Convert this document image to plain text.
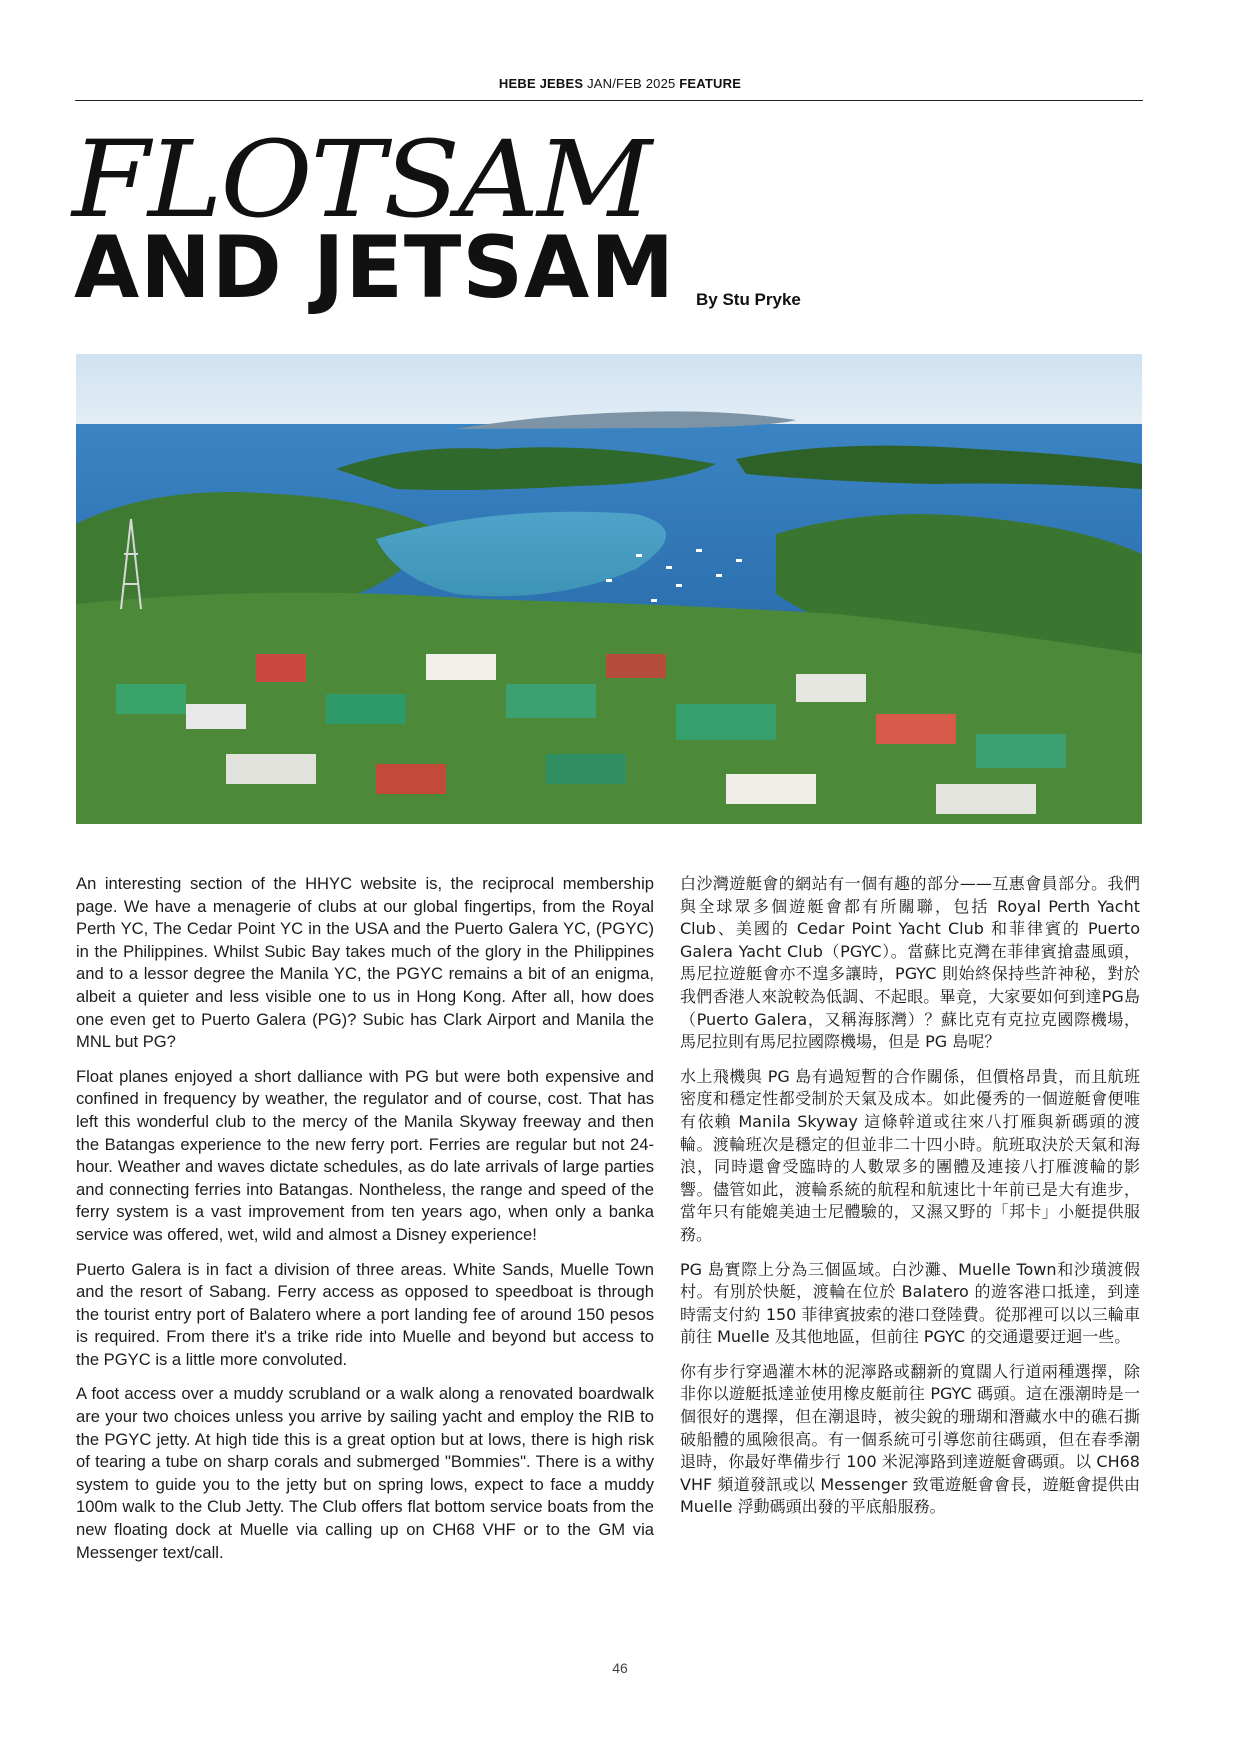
HEBE JEBES JAN/FEB 2025 FEATURE
FLOTSAM
AND JETSAM By Stu Pryke

An interesting section of the HHYC website is, the reciprocal membership page. We have a menagerie of clubs at our global fingertips, from the Royal Perth YC, The Cedar Point YC in the USA and the Puerto Galera YC, (PGYC) in the Philippines. Whilst Subic Bay takes much of the glory in the Philippines and to a lessor degree the Manila YC, the PGYC remains a bit of an enigma, albeit a quieter and less visible one to us in Hong Kong. After all, how does one even get to Puerto Galera (PG)? Subic has Clark Airport and Manila the MNL but PG?

Float planes enjoyed a short dalliance with PG but were both expensive and confined in frequency by weather, the regulator and of course, cost. That has left this wonderful club to the mercy of the Manila Skyway freeway and then the Batangas experience to the new ferry port. Ferries are regular but not 24-hour. Weather and waves dictate schedules, as do late arrivals of large parties and connecting ferries into Batangas. Nontheless, the range and speed of the ferry system is a vast improvement from ten years ago, when only a banka service was offered, wet, wild and almost a Disney experience!

Puerto Galera is in fact a division of three areas. White Sands, Muelle Town and the resort of Sabang. Ferry access as opposed to speedboat is through the tourist entry port of Balatero where a port landing fee of around 150 pesos is required. From there it's a trike ride into Muelle and beyond but access to the PGYC is a little more convoluted.

A foot access over a muddy scrubland or a walk along a renovated boardwalk are your two choices unless you arrive by sailing yacht and employ the RIB to the PGYC jetty. At high tide this is a great option but at lows, there is high risk of tearing a tube on sharp corals and submerged "Bommies". There is a withy system to guide you to the jetty but on spring lows, expect to face a muddy 100m walk to the Club Jetty. The Club offers flat bottom service boats from the new floating dock at Muelle via calling up on CH68 VHF or to the GM via Messenger text/call.

白沙灣遊艇會的網站有一個有趣的部分——互惠會員部分。我們與全球眾多個遊艇會都有所關聯，包括 Royal Perth Yacht Club、美國的 Cedar Point Yacht Club 和菲律賓的 Puerto Galera Yacht Club（PGYC）。當蘇比克灣在菲律賓搶盡風頭，馬尼拉遊艇會亦不遑多讓時，PGYC 則始終保持些許神秘，對於我們香港人來說較為低調、不起眼。畢竟，大家要如何到達PG島（Puerto Galera，又稱海豚灣）？蘇比克有克拉克國際機場，馬尼拉則有馬尼拉國際機場，但是 PG 島呢？

水上飛機與 PG 島有過短暫的合作關係，但價格昂貴，而且航班密度和穩定性都受制於天氣及成本。如此優秀的一個遊艇會便唯有依賴 Manila Skyway 這條幹道或往來八打雁與新碼頭的渡輪。渡輪班次是穩定的但並非二十四小時。航班取決於天氣和海浪，同時還會受臨時的人數眾多的團體及連接八打雁渡輪的影響。儘管如此，渡輪系統的航程和航速比十年前已是大有進步，當年只有能媲美迪士尼體驗的，又濕又野的「邦卡」小艇提供服務。

PG 島實際上分為三個區域。白沙灘、Muelle Town和沙璜渡假村。有別於快艇，渡輪在位於 Balatero 的遊客港口抵達，到達時需支付約 150 菲律賓披索的港口登陸費。從那裡可以以三輪車前往 Muelle 及其他地區，但前往 PGYC 的交通還要迂迴一些。

你有步行穿過灌木林的泥濘路或翻新的寬闊人行道兩種選擇，除非你以遊艇抵達並使用橡皮艇前往 PGYC 碼頭。這在漲潮時是一個很好的選擇，但在潮退時，被尖銳的珊瑚和潛藏水中的礁石撕破船體的風險很高。有一個系統可引導您前往碼頭，但在春季潮退時，你最好準備步行 100 米泥濘路到達遊艇會碼頭。以 CH68 VHF 頻道發訊或以 Messenger 致電遊艇會會長，遊艇會提供由 Muelle 浮動碼頭出發的平底船服務。

46
